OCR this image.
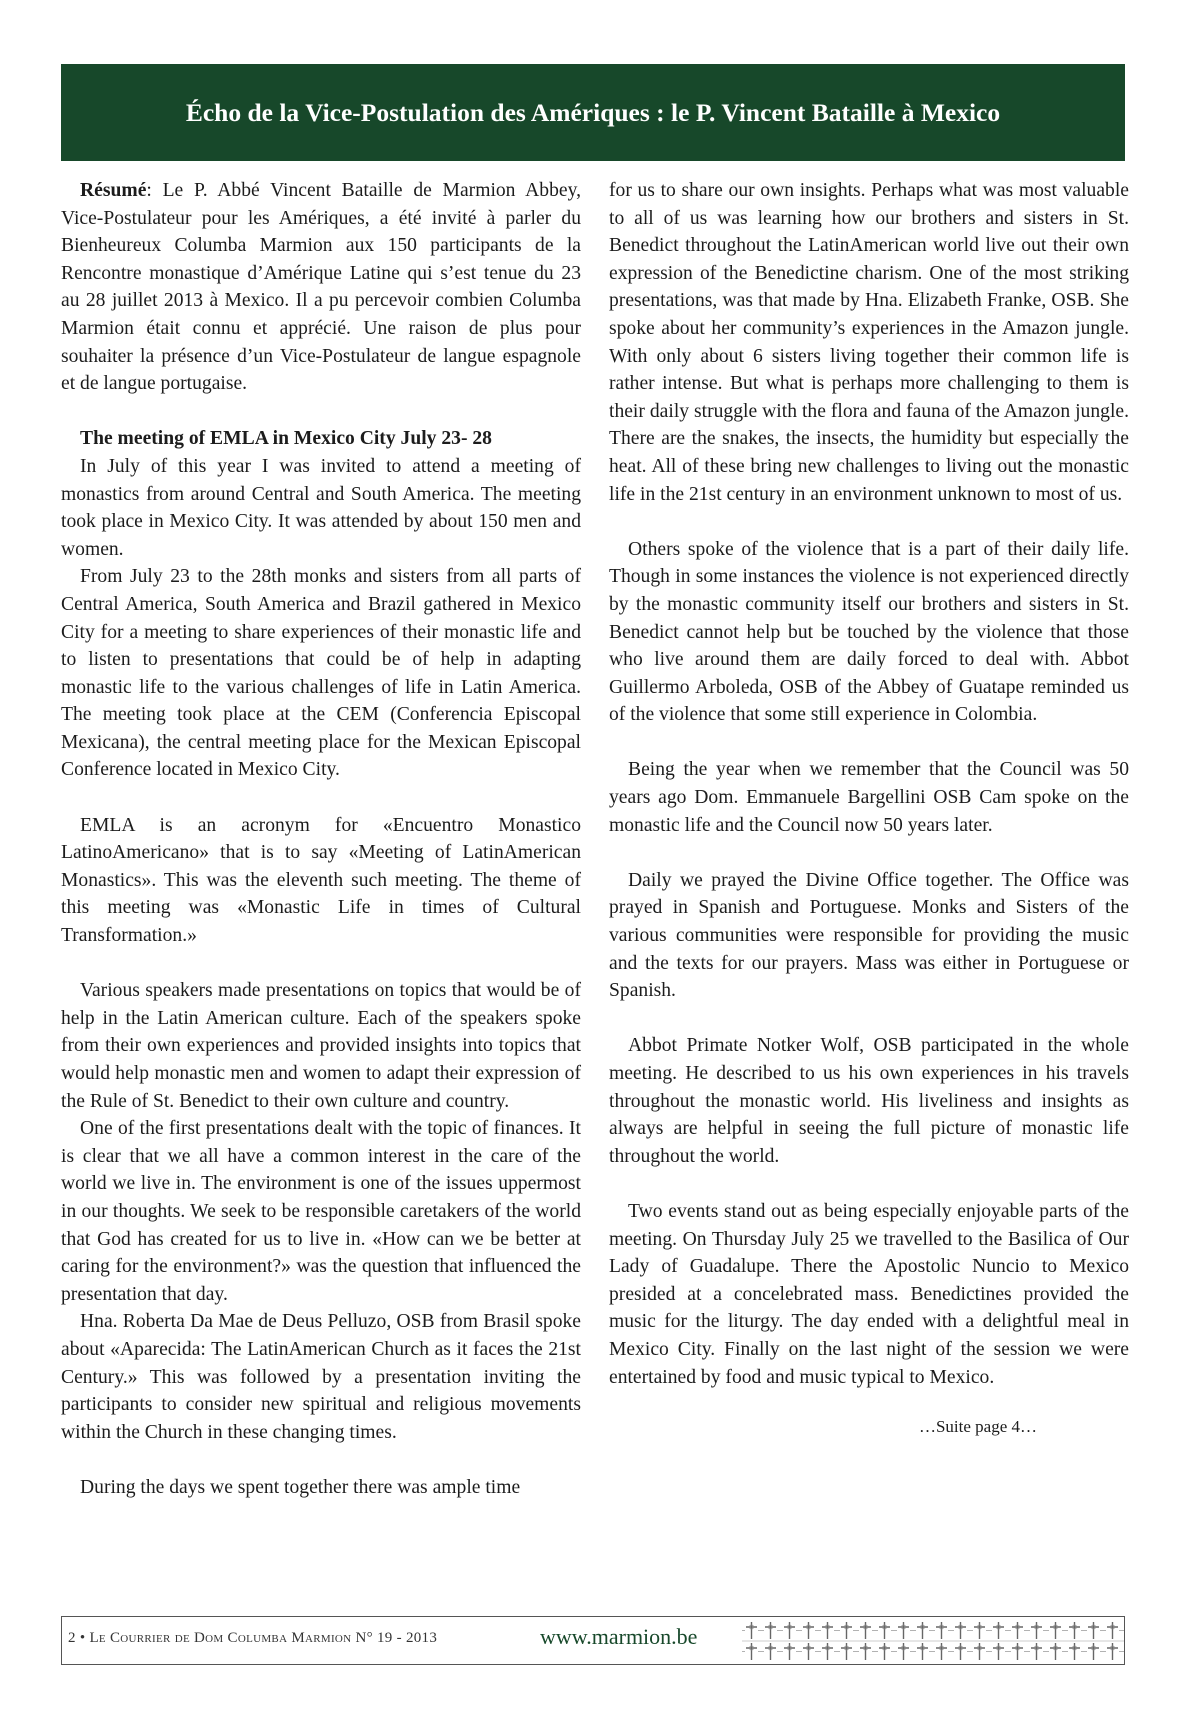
Écho de la Vice-Postulation des Amériques : le P. Vincent Bataille à Mexico

Résumé: Le P. Abbé Vincent Bataille de Marmion Abbey, Vice-Postulateur pour les Amériques, a été invité à parler du Bienheureux Columba Marmion aux 150 participants de la Rencontre monastique d’Amérique Latine qui s’est tenue du 23 au 28 juillet 2013 à Mexico. Il a pu percevoir combien Columba Marmion était connu et apprécié. Une raison de plus pour souhaiter la présence d’un Vice-Postulateur de langue espagnole et de langue portugaise.

The meeting of EMLA in Mexico City July 23- 28

In July of this year I was invited to attend a meeting of monastics from around Central and South America. The meeting took place in Mexico City. It was attended by about 150 men and women.

From July 23 to the 28th monks and sisters from all parts of Central America, South America and Brazil gathered in Mexico City for a meeting to share experiences of their monastic life and to listen to presentations that could be of help in adapting monastic life to the various challenges of life in Latin America. The meeting took place at the CEM (Conferencia Episcopal Mexicana), the central meeting place for the Mexican Episcopal Conference located in Mexico City.

EMLA is an acronym for «Encuentro Monastico LatinoAmericano» that is to say «Meeting of LatinAmerican Monastics». This was the eleventh such meeting. The theme of this meeting was «Monastic Life in times of Cultural Transformation.»

Various speakers made presentations on topics that would be of help in the Latin American culture. Each of the speakers spoke from their own experiences and provided insights into topics that would help monastic men and women to adapt their expression of the Rule of St. Benedict to their own culture and country.

One of the first presentations dealt with the topic of finances. It is clear that we all have a common interest in the care of the world we live in. The environment is one of the issues uppermost in our thoughts. We seek to be responsible caretakers of the world that God has created for us to live in. «How can we be better at caring for the environment?» was the question that influenced the presentation that day.

Hna. Roberta Da Mae de Deus Pelluzo, OSB from Brasil spoke about «Aparecida: The LatinAmerican Church as it faces the 21st Century.» This was followed by a presentation inviting the participants to consider new spiritual and religious movements within the Church in these changing times.

During the days we spent together there was ample time

for us to share our own insights. Perhaps what was most valuable to all of us was learning how our brothers and sisters in St. Benedict throughout the LatinAmerican world live out their own expression of the Benedictine charism. One of the most striking presentations, was that made by Hna. Elizabeth Franke, OSB. She spoke about her community’s experiences in the Amazon jungle. With only about 6 sisters living together their common life is rather intense. But what is perhaps more challenging to them is their daily struggle with the flora and fauna of the Amazon jungle. There are the snakes, the insects, the humidity but especially the heat. All of these bring new challenges to living out the monastic life in the 21st century in an environment unknown to most of us.

Others spoke of the violence that is a part of their daily life. Though in some instances the violence is not experienced directly by the monastic community itself our brothers and sisters in St. Benedict cannot help but be touched by the violence that those who live around them are daily forced to deal with. Abbot Guillermo Arboleda, OSB of the Abbey of Guatape reminded us of the violence that some still experience in Colombia.

Being the year when we remember that the Council was 50 years ago Dom. Emmanuele Bargellini OSB Cam spoke on the monastic life and the Council now 50 years later.

Daily we prayed the Divine Office together. The Office was prayed in Spanish and Portuguese. Monks and Sisters of the various communities were responsible for providing the music and the texts for our prayers. Mass was either in Portuguese or Spanish.

Abbot Primate Notker Wolf, OSB participated in the whole meeting. He described to us his own experiences in his travels throughout the monastic world. His liveliness and insights as always are helpful in seeing the full picture of monastic life throughout the world.

Two events stand out as being especially enjoyable parts of the meeting. On Thursday July 25 we travelled to the Basilica of Our Lady of Guadalupe. There the Apostolic Nuncio to Mexico presided at a concelebrated mass. Benedictines provided the music for the liturgy. The day ended with a delightful meal in Mexico City. Finally on the last night of the session we were entertained by food and music typical to Mexico.

…Suite page 4…

2 • Le Courrier de Dom Columba Marmion N° 19 - 2013	www.marmion.be
